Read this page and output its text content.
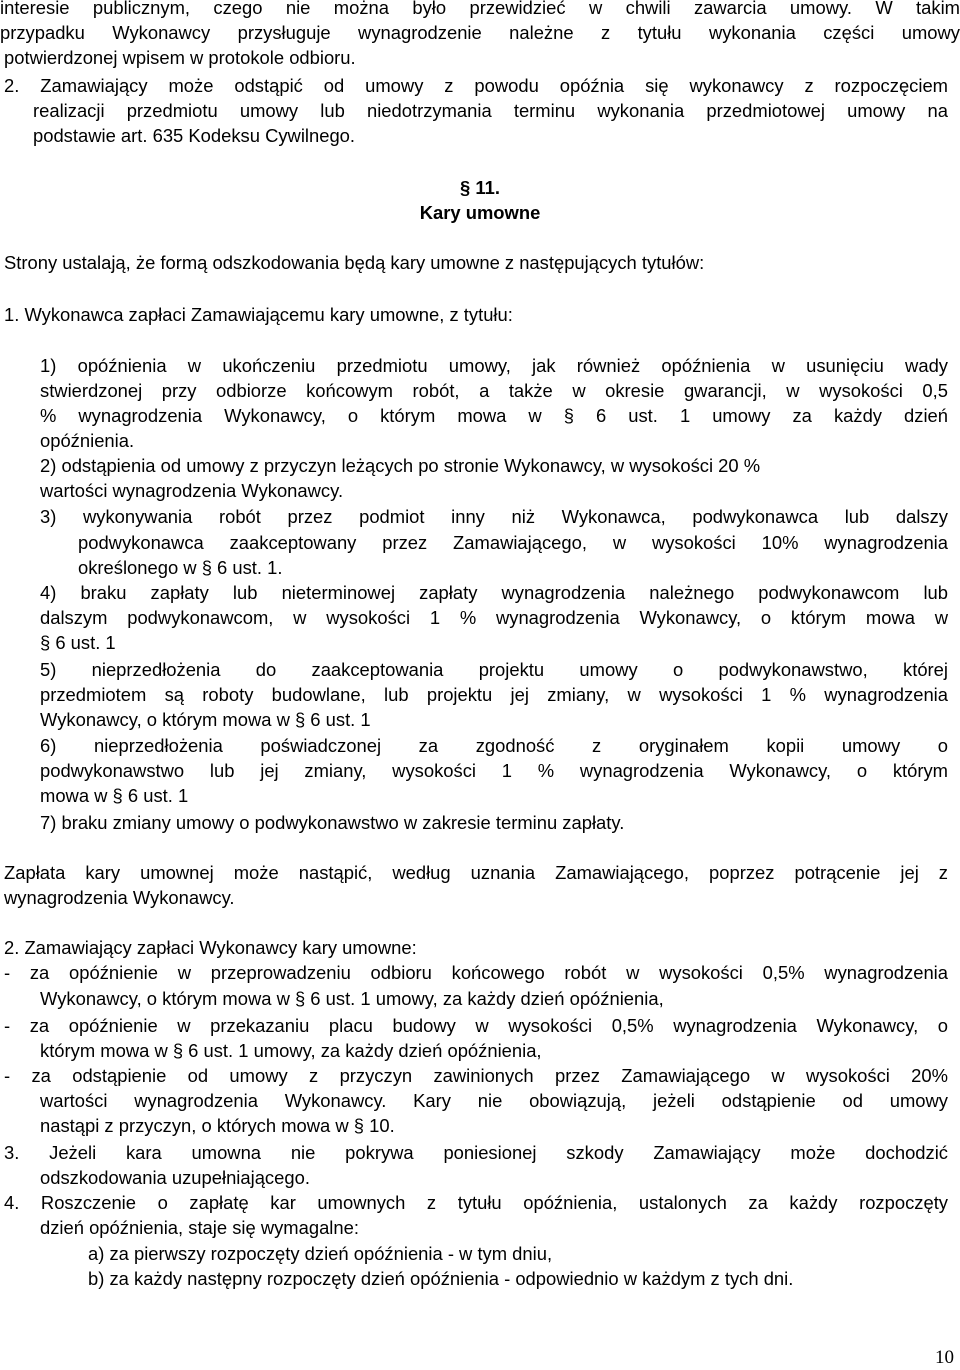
interesie publicznym, czego nie można było przewidzieć w chwili zawarcia umowy. W takim
przypadku Wykonawcy przysługuje wynagrodzenie należne z tytułu wykonania części umowy
potwierdzonej wpisem w protokole odbioru.
2. Zamawiający może odstąpić od umowy z powodu opóźnia się wykonawcy z rozpoczęciem
realizacji przedmiotu umowy lub niedotrzymania terminu wykonania przedmiotowej umowy na
podstawie art. 635 Kodeksu Cywilnego.
§ 11.
Kary umowne
Strony ustalają, że formą odszkodowania będą kary umowne z następujących tytułów:
1. Wykonawca zapłaci Zamawiającemu kary umowne, z tytułu:
1) opóźnienia w ukończeniu przedmiotu umowy, jak również opóźnienia w usunięciu wady
stwierdzonej przy odbiorze końcowym robót, a także w okresie gwarancji, w wysokości 0,5
% wynagrodzenia Wykonawcy, o którym mowa w § 6 ust. 1 umowy za każdy dzień
opóźnienia.
2) odstąpienia od umowy z przyczyn leżących po stronie Wykonawcy, w wysokości 20 %
wartości wynagrodzenia Wykonawcy.
3) wykonywania robót przez podmiot inny niż Wykonawca, podwykonawca lub dalszy
podwykonawca zaakceptowany przez Zamawiającego, w wysokości 10% wynagrodzenia
określonego w § 6 ust. 1.
4) braku zapłaty lub nieterminowej zapłaty wynagrodzenia należnego podwykonawcom lub
dalszym podwykonawcom, w wysokości 1 % wynagrodzenia Wykonawcy, o którym mowa w
§ 6 ust. 1
5) nieprzedłożenia do zaakceptowania projektu umowy o podwykonawstwo, której
przedmiotem są roboty budowlane, lub projektu jej zmiany, w wysokości 1 % wynagrodzenia
Wykonawcy, o którym mowa w § 6 ust. 1
6) nieprzedłożenia poświadczonej za zgodność z oryginałem kopii umowy o
podwykonawstwo lub jej zmiany, wysokości 1 % wynagrodzenia Wykonawcy, o którym
mowa w § 6 ust. 1
7) braku zmiany umowy o podwykonawstwo w zakresie terminu zapłaty.
Zapłata kary umownej może nastąpić, według uznania Zamawiającego, poprzez potrącenie jej z
wynagrodzenia Wykonawcy.
2. Zamawiający zapłaci Wykonawcy kary umowne:
- za opóźnienie w przeprowadzeniu odbioru końcowego robót w wysokości 0,5% wynagrodzenia
Wykonawcy, o którym mowa w § 6 ust. 1 umowy, za każdy dzień opóźnienia,
- za opóźnienie w przekazaniu placu budowy w wysokości 0,5% wynagrodzenia Wykonawcy, o
którym mowa w § 6 ust. 1 umowy, za każdy dzień opóźnienia,
- za odstąpienie od umowy z przyczyn zawinionych przez Zamawiającego w wysokości 20%
wartości wynagrodzenia Wykonawcy. Kary nie obowiązują, jeżeli odstąpienie od umowy
nastąpi z przyczyn, o których mowa w § 10.
3. Jeżeli kara umowna nie pokrywa poniesionej szkody Zamawiający może dochodzić
odszkodowania uzupełniającego.
4. Roszczenie o zapłatę kar umownych z tytułu opóźnienia, ustalonych za każdy rozpoczęty
dzień opóźnienia, staje się wymagalne:
a) za pierwszy rozpoczęty dzień opóźnienia - w tym dniu,
b) za każdy następny rozpoczęty dzień opóźnienia - odpowiednio w każdym z tych dni.
10
